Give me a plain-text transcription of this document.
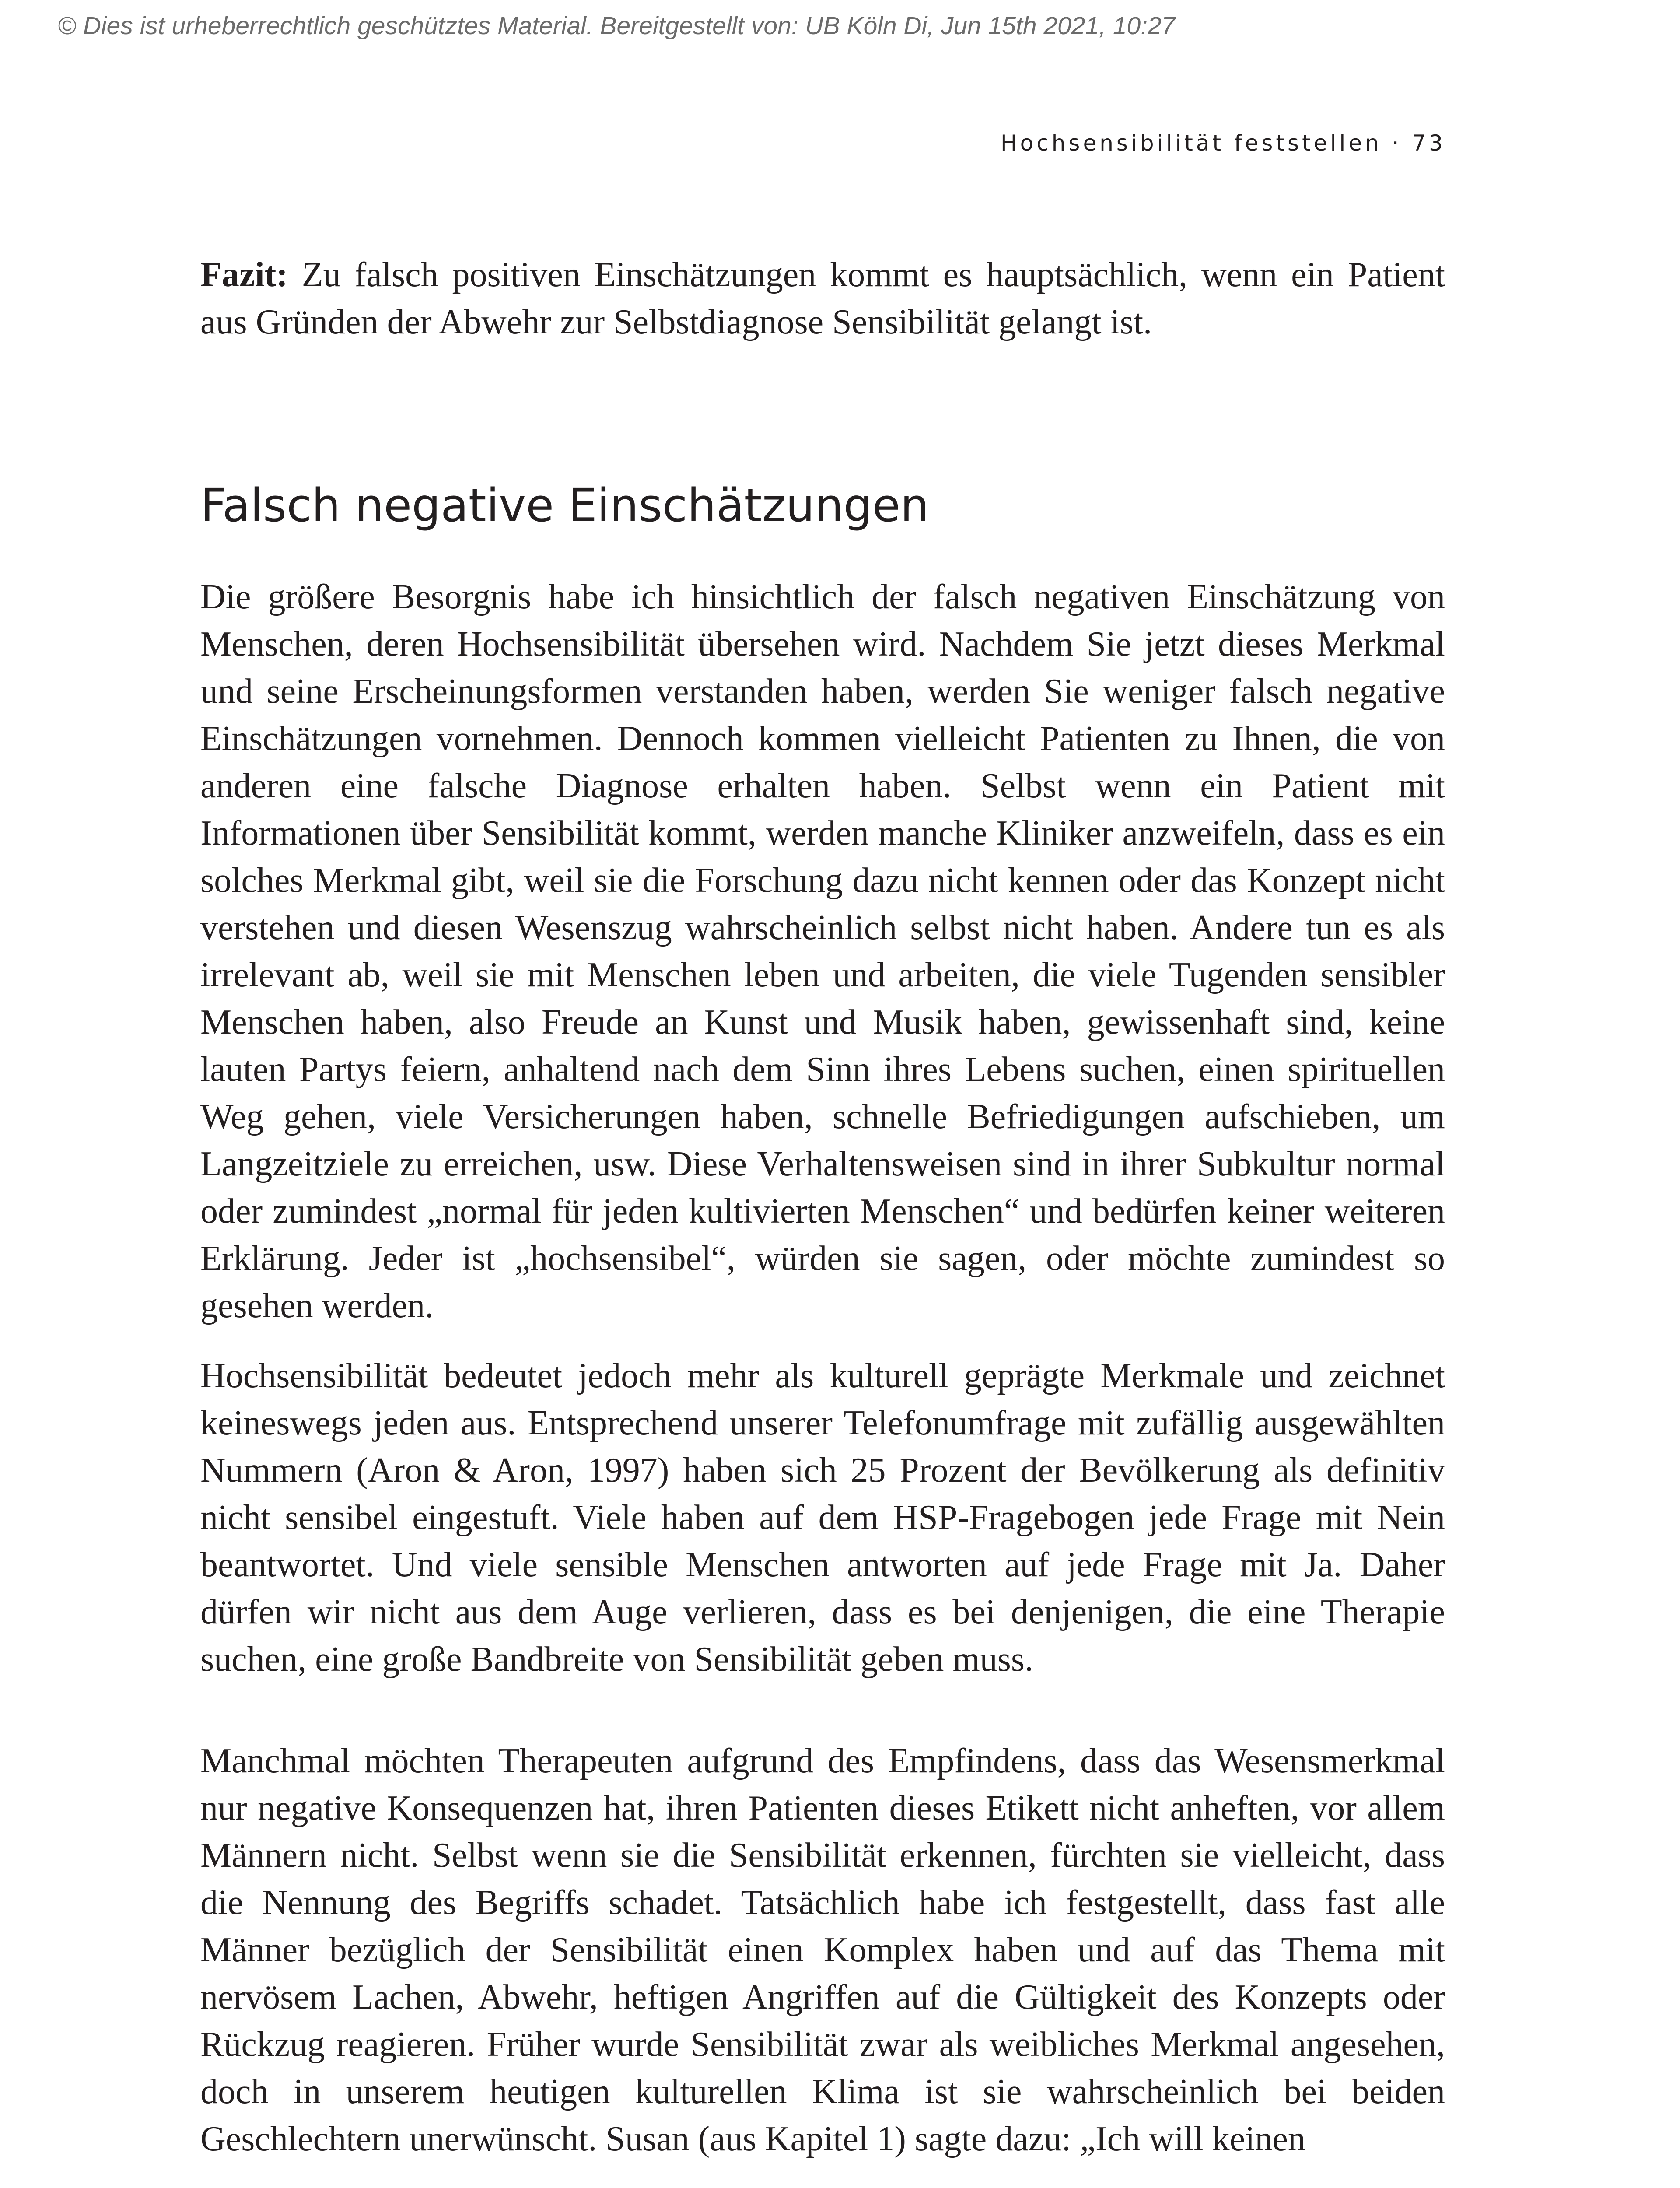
© Dies ist urheberrechtlich geschütztes Material. Bereitgestellt von: UB Köln Di, Jun 15th 2021, 10:27
Hochsensibilität feststellen · 73

Fazit: Zu falsch positiven Einschätzungen kommt es hauptsächlich, wenn ein Patient aus Gründen der Abwehr zur Selbstdiagnose Sensibilität gelangt ist.

Falsch negative Einschätzungen

Die größere Besorgnis habe ich hinsichtlich der falsch negativen Einschätzung von Menschen, deren Hochsensibilität übersehen wird. Nachdem Sie jetzt dieses Merkmal und seine Erscheinungsformen verstanden haben, werden Sie weniger falsch negative Einschätzungen vornehmen. Dennoch kommen vielleicht Patienten zu Ihnen, die von anderen eine falsche Diagnose erhalten haben. Selbst wenn ein Patient mit Informationen über Sensibilität kommt, werden manche Kliniker anzweifeln, dass es ein solches Merkmal gibt, weil sie die Forschung dazu nicht kennen oder das Konzept nicht verstehen und diesen Wesenszug wahrscheinlich selbst nicht haben. Andere tun es als irrelevant ab, weil sie mit Menschen leben und arbeiten, die viele Tugenden sensibler Menschen haben, also Freude an Kunst und Musik haben, gewissenhaft sind, keine lauten Partys feiern, anhaltend nach dem Sinn ihres Lebens suchen, einen spirituellen Weg gehen, viele Versicherungen haben, schnelle Befriedigungen aufschieben, um Langzeitziele zu erreichen, usw. Diese Verhaltensweisen sind in ihrer Subkultur normal oder zumindest „normal für jeden kultivierten Menschen“ und bedürfen keiner weiteren Erklärung. Jeder ist „hochsensibel“, würden sie sagen, oder möchte zumindest so gesehen werden.

Hochsensibilität bedeutet jedoch mehr als kulturell geprägte Merkmale und zeichnet keineswegs jeden aus. Entsprechend unserer Telefonumfrage mit zufällig ausgewählten Nummern (Aron & Aron, 1997) haben sich 25 Prozent der Bevölkerung als definitiv nicht sensibel eingestuft. Viele haben auf dem HSP-Fragebogen jede Frage mit Nein beantwortet. Und viele sensible Menschen antworten auf jede Frage mit Ja. Daher dürfen wir nicht aus dem Auge verlieren, dass es bei denjenigen, die eine Therapie suchen, eine große Bandbreite von Sensibilität geben muss.

Manchmal möchten Therapeuten aufgrund des Empfindens, dass das Wesensmerkmal nur negative Konsequenzen hat, ihren Patienten dieses Etikett nicht anheften, vor allem Männern nicht. Selbst wenn sie die Sensibilität erkennen, fürchten sie vielleicht, dass die Nennung des Begriffs schadet. Tatsächlich habe ich festgestellt, dass fast alle Männer bezüglich der Sensibilität einen Komplex haben und auf das Thema mit nervösem Lachen, Abwehr, heftigen Angriffen auf die Gültigkeit des Konzepts oder Rückzug reagieren. Früher wurde Sensibilität zwar als weibliches Merkmal angesehen, doch in unserem heutigen kulturellen Klima ist sie wahrscheinlich bei beiden Geschlechtern unerwünscht. Susan (aus Kapitel 1) sagte dazu: „Ich will keinen
